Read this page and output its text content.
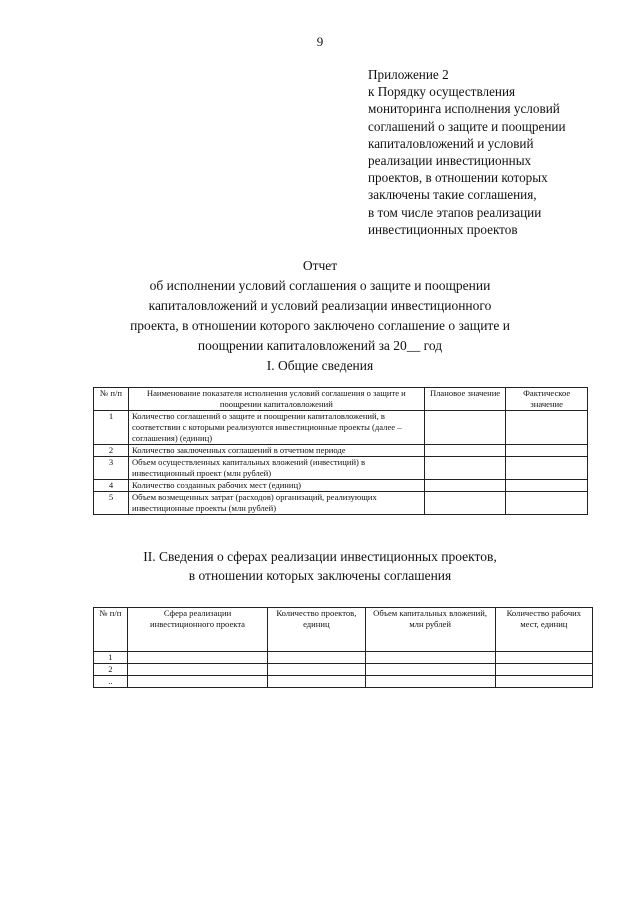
9
Приложение 2
к Порядку осуществления
мониторинга исполнения условий
соглашений о защите и поощрении
капиталовложений и условий
реализации инвестиционных
проектов, в отношении которых
заключены такие соглашения,
в том числе этапов реализации
инвестиционных проектов
Отчет
об исполнении условий соглашения о защите и поощрении
капиталовложений и условий реализации инвестиционного
проекта, в отношении которого заключено соглашение о защите и
поощрении капиталовложений за 20__ год
I. Общие сведения
№ п/п	Наименование показателя исполнения условий соглашения о защите и поощрении капиталовложений	Плановое значение	Фактическое значение
1	Количество соглашений о защите и поощрении капиталовложений, в соответствии с которыми реализуются инвестиционные проекты (далее – соглашения) (единиц)		
2	Количество заключенных соглашений в отчетном периоде		
3	Объем осуществленных капитальных вложений (инвестиций) в инвестиционный проект (млн рублей)		
4	Количество созданных рабочих мест (единиц)		
5	Объем возмещенных затрат (расходов) организаций, реализующих инвестиционные проекты (млн рублей)		
II. Сведения о сферах реализации инвестиционных проектов,
в отношении которых заключены соглашения
№ п/п	Сфера реализации инвестиционного проекта	Количество проектов, единиц	Объем капитальных вложений, млн рублей	Количество рабочих мест, единиц
1				
2				
..				
